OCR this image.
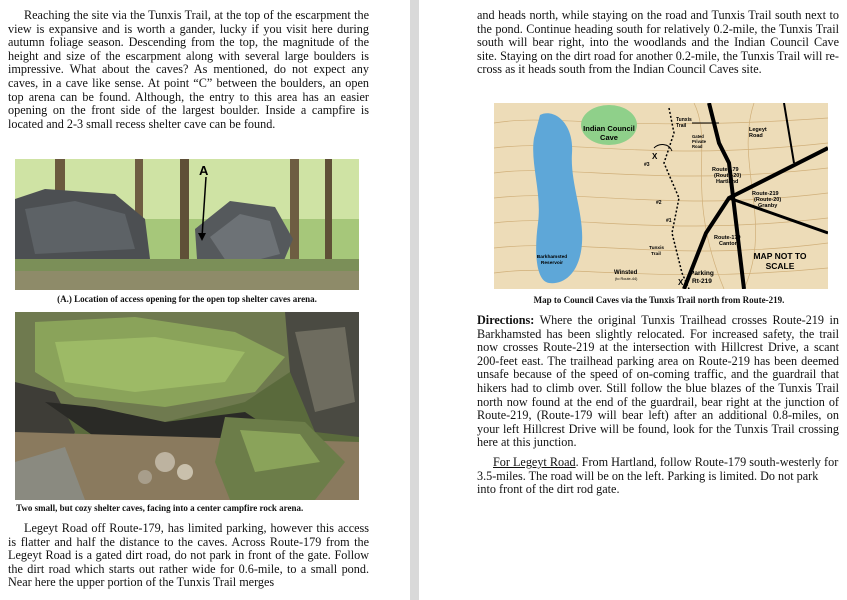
Reaching the site via the Tunxis Trail, at the top of the escarpment the view is expansive and is worth a gander, lucky if you visit here during autumn foliage season. Descending from the top, the magnitude of the height and size of the escarpment along with several large boulders is impressive. What about the caves? As mentioned, do not expect any caves, in a cave like sense. At point “C” between the boulders, an open top arena can be found. Although, the entry to this area has an easier opening on the front side of the largest boulder. Inside a campfire is located and 2-3 small recess shelter cave can be found.

A

(A.) Location of access opening for the open top shelter caves arena.

Two small, but cozy shelter caves, facing into a center campfire rock arena.

Legeyt Road off Route-179, has limited parking, however this access is flatter and half the distance to the caves. Across Route-179 from the Legeyt Road is a gated dirt road, do not park in front of the gate. Follow the dirt road which starts out rather wide for 0.6-mile, to a small pond. Near here the upper portion of the Tunxis Trail merges

and heads north, while staying on the road and Tunxis Trail south next to the pond. Continue heading south for relatively 0.2-mile, the Tunxis Trail south will bear right, into the woodlands and the Indian Council Cave site. Staying on the dirt road for another 0.2-mile, the Tunxis Trail will re-cross as it heads south from the Indian Council Caves site.

Indian Council Cave
Tunxis Trail
Gated Private Road
Legeyt Road
Route-179 (Route-20) Hartland
Route-219 (Route-20) Granby
Route-179 Canton
MAP NOT TO SCALE
Barkhamsted Reservoir
Tunxis Trail
Winsted
(to Route-44)
Parking Rt-219
#3
#2
#1
X
X

Map to Council Caves via the Tunxis Trail north from Route-219.

Directions: Where the original Tunxis Trailhead crosses Route-219 in Barkhamsted has been slightly relocated. For increased safety, the trail now crosses Route-219 at the intersection with Hillcrest Drive, a scant 200-feet east. The trailhead parking area on Route-219 has been deemed unsafe because of the speed of on-coming traffic, and the guardrail that hikers had to climb over. Still follow the blue blazes of the Tunxis Trail north now found at the end of the guardrail, bear right at the junction of Route-219, (Route-179 will bear left) after an additional 0.8-miles, on your left Hillcrest Drive will be found, look for the Tunxis Trail crossing here at this junction.

For Legeyt Road. From Hartland, follow Route-179 south-westerly for 3.5-miles. The road will be on the left. Parking is limited. Do not park into front of the dirt rod gate.
